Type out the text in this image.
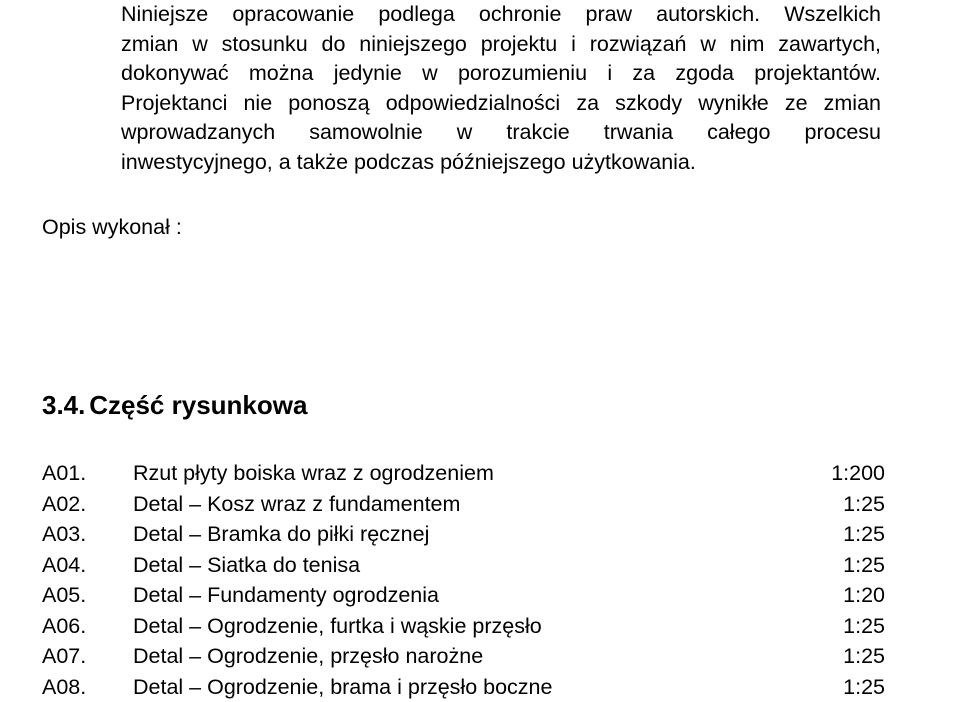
Niniejsze opracowanie podlega ochronie praw autorskich. Wszelkich
zmian w stosunku do niniejszego projektu i rozwiązań w nim zawartych,
dokonywać można jedynie w porozumieniu i za zgoda projektantów.
Projektanci nie ponoszą odpowiedzialności za szkody wynikłe ze zmian
wprowadzanych samowolnie w trakcie trwania całego procesu
inwestycyjnego, a także podczas późniejszego użytkowania.
Opis wykonał :
3.4. Część rysunkowa
A01.	Rzut płyty boiska wraz z ogrodzeniem	1:200
A02.	Detal – Kosz wraz z fundamentem	1:25
A03.	Detal – Bramka do piłki ręcznej	1:25
A04.	Detal – Siatka do tenisa	1:25
A05.	Detal – Fundamenty ogrodzenia	1:20
A06.	Detal – Ogrodzenie, furtka i wąskie przęsło	1:25
A07.	Detal – Ogrodzenie, przęsło narożne	1:25
A08.	Detal – Ogrodzenie, brama i przęsło boczne	1:25
